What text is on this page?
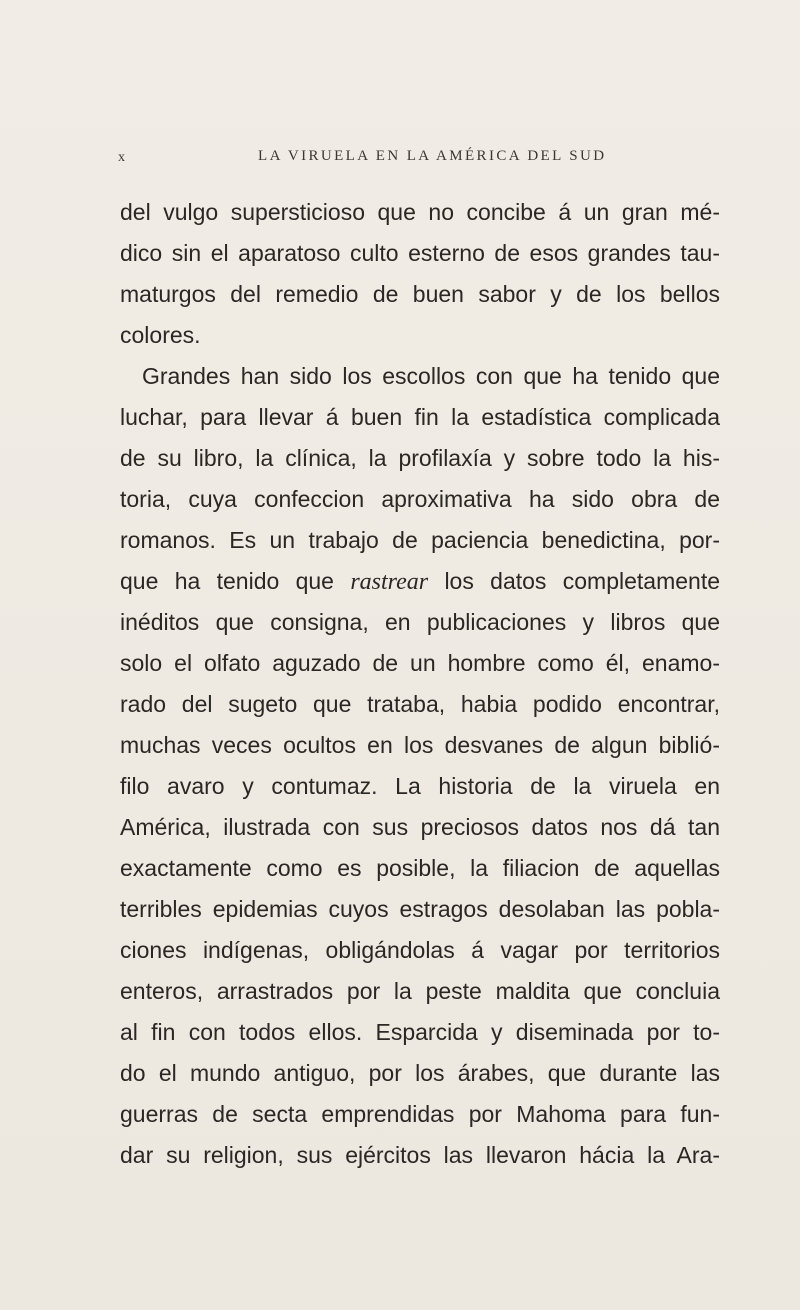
x	LA VIRUELA EN LA AMÉRICA DEL SUD
del vulgo supersticioso que no concibe á un gran mé-
dico sin el aparatoso culto esterno de esos grandes tau-
maturgos del remedio de buen sabor y de los bellos
colores.
Grandes han sido los escollos con que ha tenido que
luchar, para llevar á buen fin la estadística complicada
de su libro, la clínica, la profilaxía y sobre todo la his-
toria, cuya confeccion aproximativa ha sido obra de
romanos. Es un trabajo de paciencia benedictina, por-
que ha tenido que rastrear los datos completamente
inéditos que consigna, en publicaciones y libros que
solo el olfato aguzado de un hombre como él, enamo-
rado del sugeto que trataba, habia podido encontrar,
muchas veces ocultos en los desvanes de algun biblió-
filo avaro y contumaz. La historia de la viruela en
América, ilustrada con sus preciosos datos nos dá tan
exactamente como es posible, la filiacion de aquellas
terribles epidemias cuyos estragos desolaban las pobla-
ciones indígenas, obligándolas á vagar por territorios
enteros, arrastrados por la peste maldita que concluia
al fin con todos ellos. Esparcida y diseminada por to-
do el mundo antiguo, por los árabes, que durante las
guerras de secta emprendidas por Mahoma para fun-
dar su religion, sus ejércitos las llevaron hácia la Ara-
